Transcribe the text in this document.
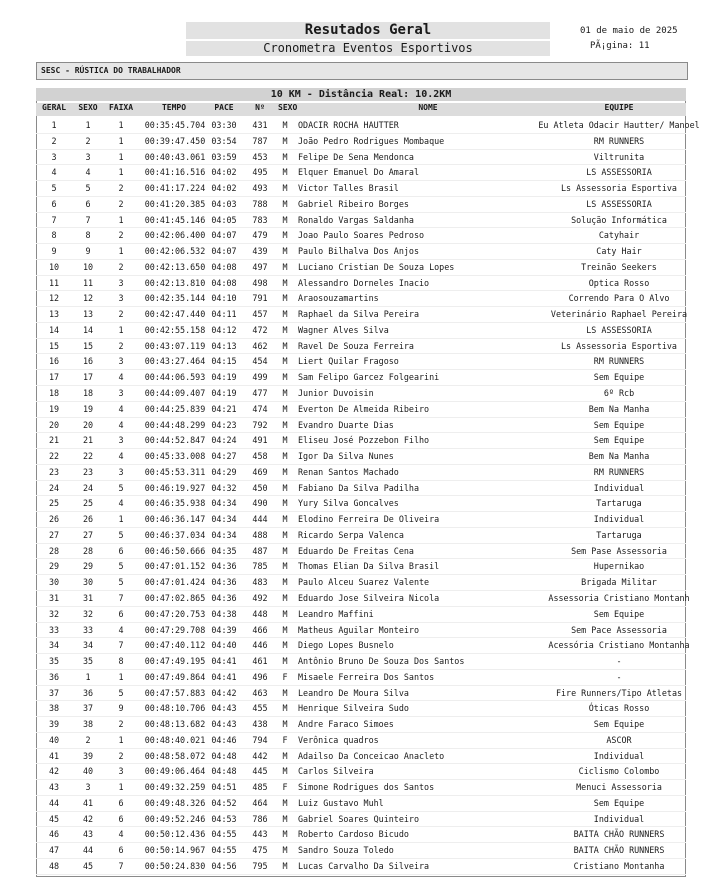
Resutados Geral
Cronometra Eventos Esportivos
01 de maio de 2025
PÃ¡gina: 11
SESC - RÚSTICA DO TRABALHADOR
10 KM - Distância Real: 10.2KM
GERAL	SEXO	FAIXA	TEMPO	PACE	Nº	SEXO	NOME	EQUIPE
1	1	1	00:35:45.704 03:30	431	M	ODACIR ROCHA HAUTTER	Eu Atleta Odacir Hautter/ Manoel
2	2	1	00:39:47.450 03:54	787	M	João Pedro Rodrigues Mombaque	RM RUNNERS
3	3	1	00:40:43.061 03:59	453	M	Felipe De Sena Mendonca	Viltrunita
4	4	1	00:41:16.516 04:02	495	M	Elquer Emanuel Do Amaral	LS ASSESSORIA
5	5	2	00:41:17.224 04:02	493	M	Victor Talles Brasil	Ls Assessoria Esportiva
6	6	2	00:41:20.385 04:03	788	M	Gabriel Ribeiro Borges	LS ASSESSORIA
7	7	1	00:41:45.146 04:05	783	M	Ronaldo Vargas Saldanha	Solução Informática
8	8	2	00:42:06.400 04:07	479	M	Joao Paulo Soares Pedroso	Catyhair
9	9	1	00:42:06.532 04:07	439	M	Paulo Bilhalva Dos Anjos	Caty Hair
10	10	2	00:42:13.650 04:08	497	M	Luciano Cristian De Souza Lopes	Treinão Seekers
11	11	3	00:42:13.810 04:08	498	M	Alessandro Dorneles Inacio	Optica Rosso
12	12	3	00:42:35.144 04:10	791	M	Araosouzamartins	Correndo Para O Alvo
13	13	2	00:42:47.440 04:11	457	M	Raphael da Silva Pereira	Veterinário Raphael Pereira
14	14	1	00:42:55.158 04:12	472	M	Wagner Alves Silva	LS ASSESSORIA
15	15	2	00:43:07.119 04:13	462	M	Ravel De Souza Ferreira	Ls Assessoria Esportiva
16	16	3	00:43:27.464 04:15	454	M	Liert Quilar Fragoso	RM RUNNERS
17	17	4	00:44:06.593 04:19	499	M	Sam Felipo Garcez Folgearini	Sem Equipe
18	18	3	00:44:09.407 04:19	477	M	Junior Duvoisin	6º Rcb
19	19	4	00:44:25.839 04:21	474	M	Everton De Almeida Ribeiro	Bem Na Manha
20	20	4	00:44:48.299 04:23	792	M	Evandro Duarte Dias	Sem Equipe
21	21	3	00:44:52.847 04:24	491	M	Eliseu José Pozzebon Filho	Sem Equipe
22	22	4	00:45:33.008 04:27	458	M	Igor Da Silva Nunes	Bem Na Manha
23	23	3	00:45:53.311 04:29	469	M	Renan Santos Machado	RM RUNNERS
24	24	5	00:46:19.927 04:32	450	M	Fabiano Da Silva Padilha	Individual
25	25	4	00:46:35.938 04:34	490	M	Yury Silva Goncalves	Tartaruga
26	26	1	00:46:36.147 04:34	444	M	Elodino Ferreira De Oliveira	Individual
27	27	5	00:46:37.034 04:34	488	M	Ricardo Serpa Valenca	Tartaruga
28	28	6	00:46:50.666 04:35	487	M	Eduardo De Freitas Cena	Sem Pase Assessoria
29	29	5	00:47:01.152 04:36	785	M	Thomas Elian Da Silva Brasil	Hupernikao
30	30	5	00:47:01.424 04:36	483	M	Paulo Alceu Suarez Valente	Brigada Militar
31	31	7	00:47:02.865 04:36	492	M	Eduardo Jose Silveira Nicola	Assessoria Cristiano Montanh
32	32	6	00:47:20.753 04:38	448	M	Leandro Maffini	Sem Equipe
33	33	4	00:47:29.708 04:39	466	M	Matheus Aguilar Monteiro	Sem Pace Assessoria
34	34	7	00:47:40.112 04:40	446	M	Diego Lopes Busnelo	Acessória Cristiano Montanha
35	35	8	00:47:49.195 04:41	461	M	Antônio Bruno De Souza Dos Santos	-
36	1	1	00:47:49.864 04:41	496	F	Misaele Ferreira Dos Santos	-
37	36	5	00:47:57.883 04:42	463	M	Leandro De Moura Silva	Fire Runners/Tipo Atletas
38	37	9	00:48:10.706 04:43	455	M	Henrique Silveira Sudo	Óticas Rosso
39	38	2	00:48:13.682 04:43	438	M	Andre Faraco Simoes	Sem Equipe
40	2	1	00:48:40.021 04:46	794	F	Verônica quadros	ASCOR
41	39	2	00:48:58.072 04:48	442	M	Adailso Da Conceicao Anacleto	Individual
42	40	3	00:49:06.464 04:48	445	M	Carlos Silveira	Ciclismo Colombo
43	3	1	00:49:32.259 04:51	485	F	Simone Rodrigues dos Santos	Menuci Assessoria
44	41	6	00:49:48.326 04:52	464	M	Luiz Gustavo Muhl	Sem Equipe
45	42	6	00:49:52.246 04:53	786	M	Gabriel Soares Quinteiro	Individual
46	43	4	00:50:12.436 04:55	443	M	Roberto Cardoso Bicudo	BAITA CHÃO RUNNERS
47	44	6	00:50:14.967 04:55	475	M	Sandro Souza Toledo	BAITA CHÃO RUNNERS
48	45	7	00:50:24.830 04:56	795	M	Lucas Carvalho Da Silveira	Cristiano Montanha
